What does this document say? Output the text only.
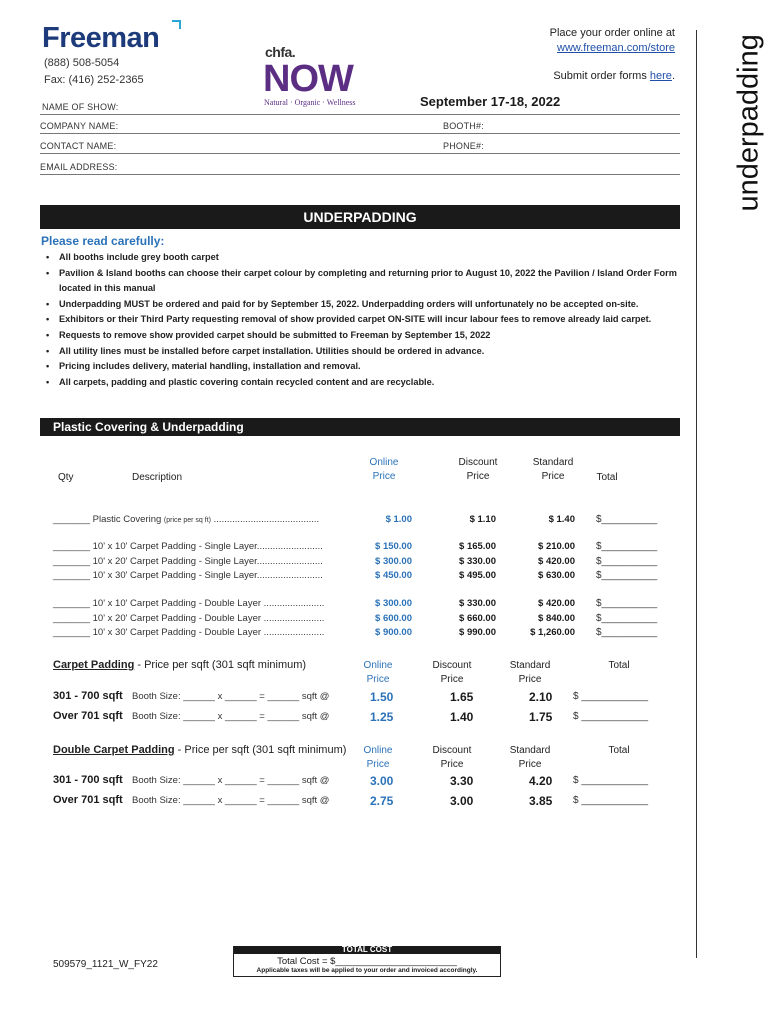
Freeman
(888) 508-5054
Fax: (416) 252-2365
chfa.
NOW
Natural · Organic · Wellness
Place your order online at
www.freeman.com/store
Submit order forms here.
September 17-18, 2022	underpadding
NAME OF SHOW:
COMPANY NAME:	BOOTH#:
CONTACT NAME:	PHONE#:
EMAIL ADDRESS:
UNDERPADDING
Please read carefully:
• All booths include grey booth carpet
• Pavilion & Island booths can choose their carpet colour by completing and returning prior to August 10, 2022 the Pavilion / Island Order Form located in this manual
• Underpadding MUST be ordered and paid for by September 15, 2022. Underpadding orders will unfortunately no be accepted on-site.
• Exhibitors or their Third Party requesting removal of show provided carpet ON-SITE will incur labour fees to remove already laid carpet.
• Requests to remove show provided carpet should be submitted to Freeman by September 15, 2022
• All utility lines must be installed before carpet installation. Utilities should be ordered in advance.
• Pricing includes delivery, material handling, installation and removal.
• All carpets, padding and plastic covering contain recycled content and are recyclable.
Plastic Covering & Underpadding
Qty	Description
Online
Price
Discount
Price
Standard
Price	Total
_______ Plastic Covering (price per sq ft) ........................................	$ 1.00	$ 1.10	$ 1.40 $__________
_______ 10' x 10' Carpet Padding - Single Layer.........................	$ 150.00	$ 165.00	$ 210.00 $__________
_______ 10' x 20' Carpet Padding - Single Layer.........................	$ 300.00	$ 330.00	$ 420.00 $__________
_______ 10' x 30' Carpet Padding - Single Layer.........................	$ 450.00	$ 495.00	$ 630.00 $__________
_______ 10' x 10' Carpet Padding - Double Layer .......................	$ 300.00	$ 330.00	$ 420.00 $__________
_______ 10' x 20' Carpet Padding - Double Layer .......................	$ 600.00	$ 660.00	$ 840.00 $__________
_______ 10' x 30' Carpet Padding - Double Layer .......................	$ 900.00	$ 990.00	$ 1,260.00 $__________
Carpet Padding - Price per sqft (301 sqft minimum)	Online
Price
Discount
Price
Standard
Price
Total
301 - 700 sqft Booth Size: ______ x ______ = ______ sqft @	1.50	1.65	2.10 $ ____________
Over 701 sqft Booth Size: ______ x ______ = ______ sqft @	1.25	1.40	1.75 $ ____________
Double Carpet Padding - Price per sqft (301 sqft minimum)	Online
Price
Discount
Price
Standard
Price
Total
301 - 700 sqft Booth Size: ______ x ______ = ______ sqft @	3.00	3.30	4.20 $ ____________
Over 701 sqft Booth Size: ______ x ______ = ______ sqft @	2.75	3.00	3.85 $ ____________
TOTAL COST
Total Cost = $_______________________
Applicable taxes will be applied to your order and invoiced accordingly.
509579_1121_W_FY22
